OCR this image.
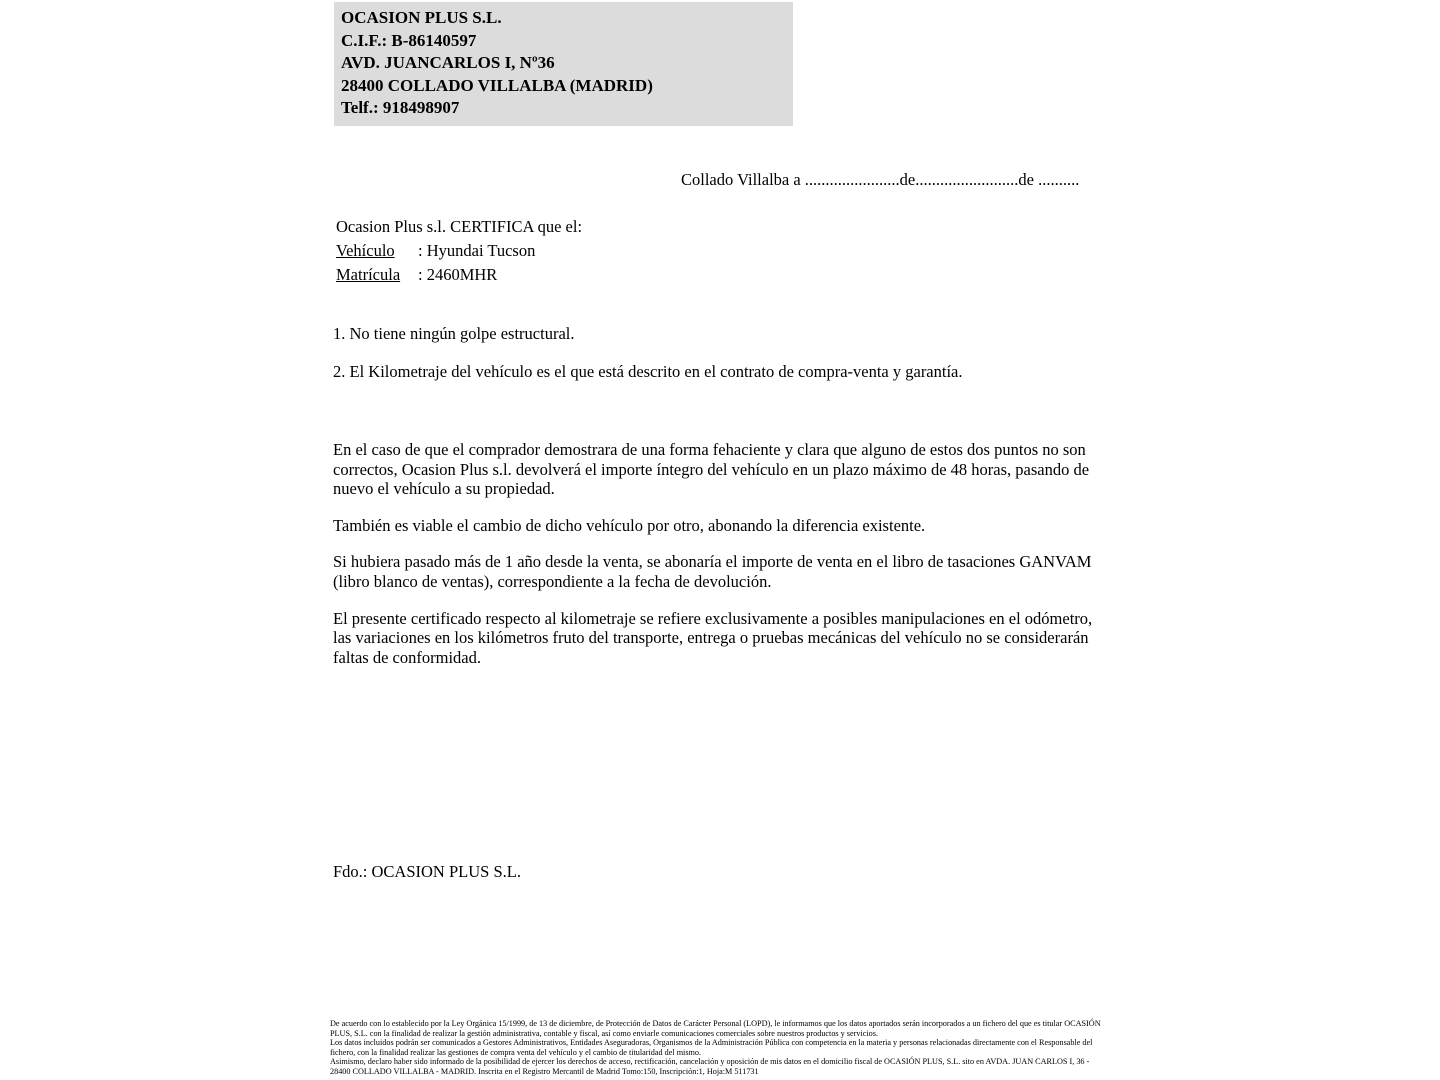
OCASION PLUS S.L.
C.I.F.: B-86140597
AVD. JUANCARLOS I, Nº36
28400 COLLADO VILLALBA (MADRID)
Telf.: 918498907
Collado Villalba a .......................de.........................de ..........
Ocasion Plus s.l. CERTIFICA que el:
Vehículo : Hyundai Tucson
Matrícula : 2460MHR

1. No tiene ningún golpe estructural.

2. El Kilometraje del vehículo es el que está descrito en el contrato de compra-venta y garantía.

En el caso de que el comprador demostrara de una forma fehaciente y clara que alguno de estos dos puntos no son correctos, Ocasion Plus s.l. devolverá el importe íntegro del vehículo en un plazo máximo de 48 horas, pasando de nuevo el vehículo a su propiedad.

También es viable el cambio de dicho vehículo por otro, abonando la diferencia existente.

Si hubiera pasado más de 1 año desde la venta, se abonaría el importe de venta en el libro de tasaciones GANVAM (libro blanco de ventas), correspondiente a la fecha de devolución.

El presente certificado respecto al kilometraje se refiere exclusivamente a posibles manipulaciones en el odómetro, las variaciones en los kilómetros fruto del transporte, entrega o pruebas mecánicas del vehículo no se considerarán faltas de conformidad.

Fdo.: OCASION PLUS S.L.

De acuerdo con lo establecido por la Ley Orgánica 15/1999, de 13 de diciembre, de Protección de Datos de Carácter Personal (LOPD), le informamos que los datos aportados serán incorporados a un fichero del que es titular OCASIÓN PLUS, S.L. con la finalidad de realizar la gestión administrativa, contable y fiscal, así como enviarle comunicaciones comerciales sobre nuestros productos y servicios.

Los datos incluidos podrán ser comunicados a Gestores Administrativos, Entidades Aseguradoras, Organismos de la Administración Pública con competencia en la materia y personas relacionadas directamente con el Responsable del fichero, con la finalidad realizar las gestiones de compra venta del vehículo y el cambio de titularidad del mismo.

Asimismo, declaro haber sido informado de la posibilidad de ejercer los derechos de acceso, rectificación, cancelación y oposición de mis datos en el domicilio fiscal de OCASIÓN PLUS, S.L. sito en AVDA. JUAN CARLOS I, 36 - 28400 COLLADO VILLALBA - MADRID. Inscrita en el Registro Mercantil de Madrid Tomo:150, Inscripción:1, Hoja:M 511731
